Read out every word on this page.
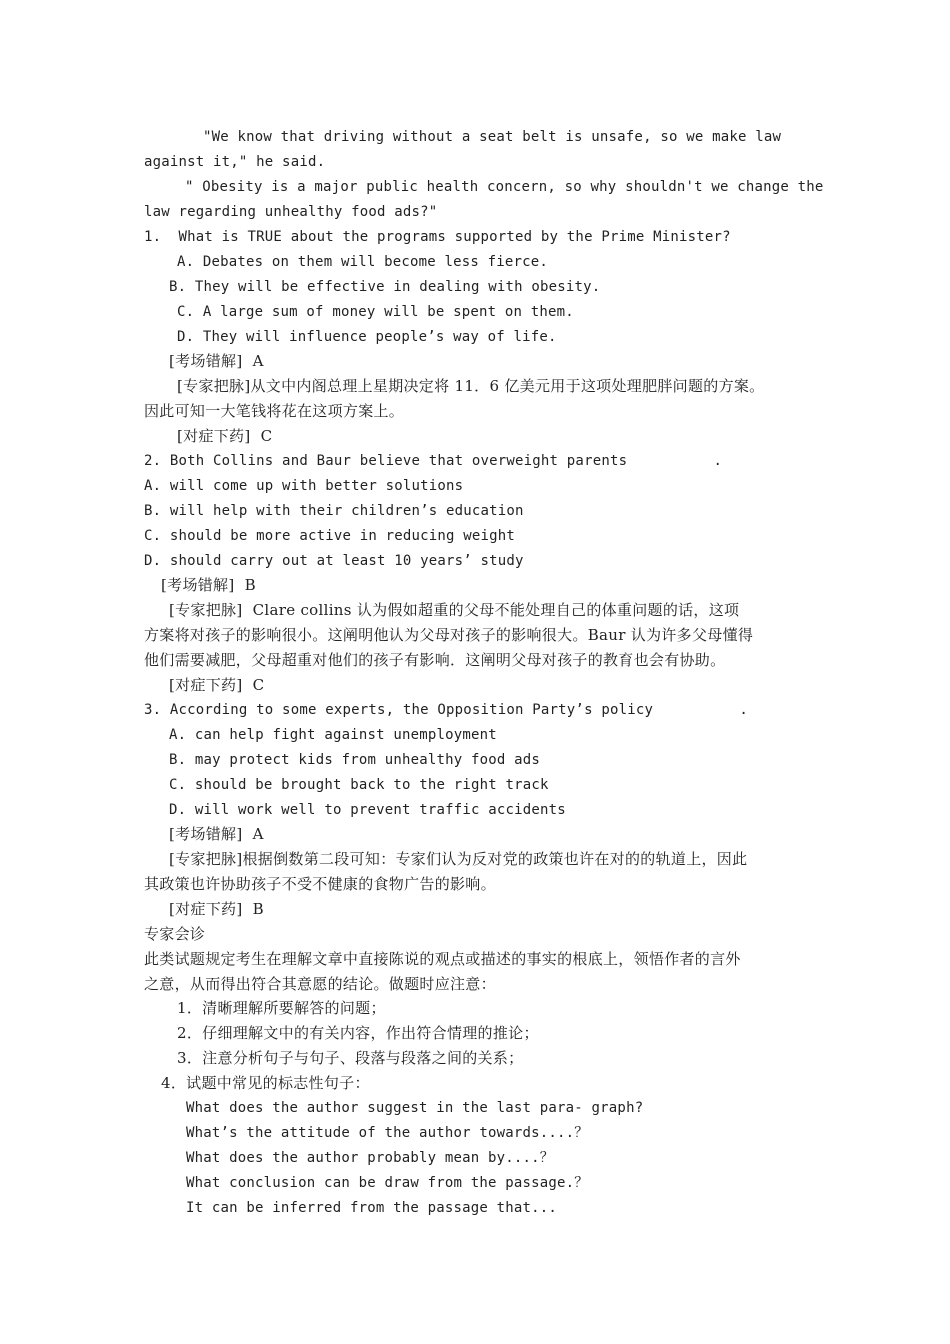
"We know that driving without a seat belt is unsafe, so we make law
against it," he said.
" Obesity is a major public health concern, so why shouldn't we change the
law regarding unhealthy food ads?"
1.  What is TRUE about the programs supported by the Prime Minister?
A. Debates on them will become less fierce.
B. They will be effective in dealing with obesity.
C. A large sum of money will be spent on them.
D. They will influence people’s way of life.
[考场错解]  A
[专家把脉]从文中内阁总理上星期决定将 11．6 亿美元用于这项处理肥胖问题的方案。
因此可知一大笔钱将花在这项方案上。
[对症下药]  C
2. Both Collins and Baur believe that overweight parents          .
A. will come up with better solutions
B. will help with their children’s education
C. should be more active in reducing weight
D. should carry out at least 10 years’ study
[考场错解]  B
[专家把脉]  Clare collins 认为假如超重的父母不能处理自己的体重问题的话，这项
方案将对孩子的影响很小。这阐明他认为父母对孩子的影响很大。Baur 认为许多父母懂得
他们需要减肥，父母超重对他们的孩子有影响．这阐明父母对孩子的教育也会有协助。
[对症下药]  C
3. According to some experts, the Opposition Party’s policy          .
A. can help fight against unemployment
B. may protect kids from unhealthy food ads
C. should be brought back to the right track
D. will work well to prevent traffic accidents
[考场错解]  A
[专家把脉]根据倒数第二段可知：专家们认为反对党的政策也许在对的的轨道上，因此
其政策也许协助孩子不受不健康的食物广告的影响。
[对症下药]  B
专家会诊
此类试题规定考生在理解文章中直接陈说的观点或描述的事实的根底上，领悟作者的言外
之意，从而得出符合其意愿的结论。做题时应注意：
1．清晰理解所要解答的问题；
2．仔细理解文中的有关内容，作出符合情理的推论；
3．注意分析句子与句子、段落与段落之间的关系；
4．试题中常见的标志性句子：
What does the author suggest in the last para- graph?
What’s the attitude of the author towards....？
What does the author probably mean by....？
What conclusion can be draw from the passage.？
It can be inferred from the passage that...
